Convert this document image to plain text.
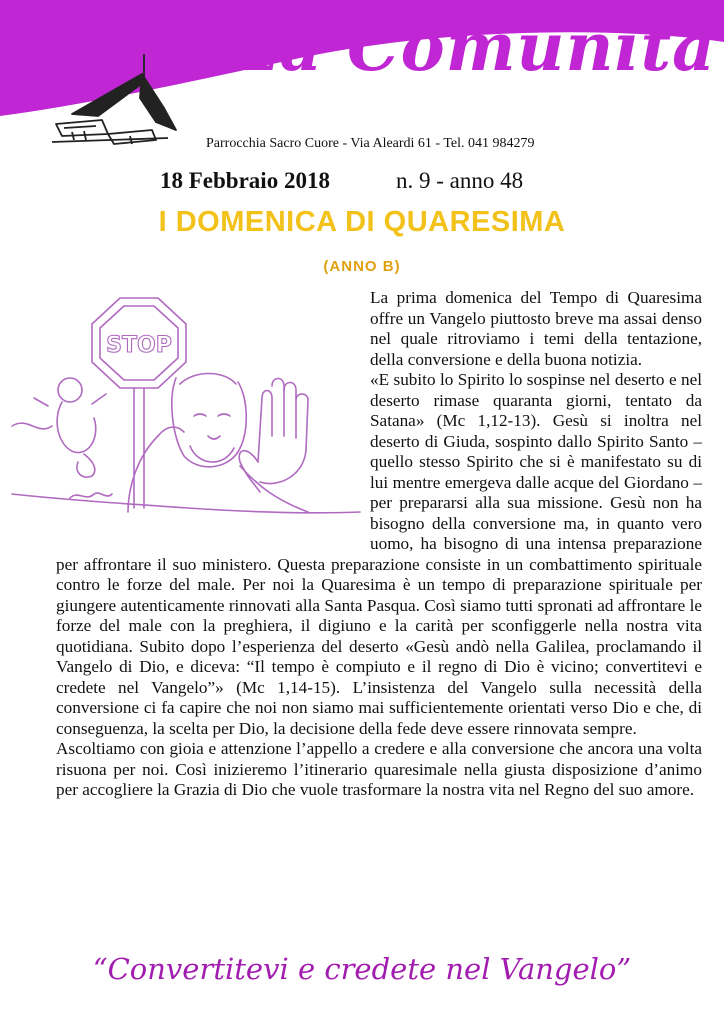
La Comunità
Parrocchia Sacro Cuore - Via Aleardi 61 - Tel. 041 984279
18 Febbraio 2018	n. 9 - anno 48
I DOMENICA DI QUARESIMA
(ANNO B)
STOP

La prima domenica del Tempo di Quaresima offre un Vangelo piuttosto breve ma assai denso nel quale ritroviamo i temi della tentazione, della conversione e della buona notizia.

«E subito lo Spirito lo sospinse nel deserto e nel deserto rimase quaranta giorni, tentato da Satana» (Mc 1,12-13). Gesù si inoltra nel deserto di Giuda, sospinto dallo Spirito Santo – quello stesso Spirito che si è manifestato su di lui mentre emergeva dalle acque del Giordano – per prepararsi alla sua missione. Gesù non ha bisogno della conversione ma, in quanto vero uomo, ha bisogno di una intensa preparazione per affrontare il suo ministero. Questa preparazione consiste in un combattimento spirituale contro le forze del male. Per noi la Quaresima è un tempo di preparazione spirituale per giungere autenticamente rinnovati alla Santa Pasqua. Così siamo tutti spronati ad affrontare le forze del male con la preghiera, il digiuno e la carità per sconfiggerle nella nostra vita quotidiana. Subito dopo l’esperienza del deserto «Gesù andò nella Galilea, proclamando il Vangelo di Dio, e diceva: “Il tempo è compiuto e il regno di Dio è vicino; convertitevi e credete nel Vangelo”» (Mc 1,14-15). L’insistenza del Vangelo sulla necessità della conversione ci fa capire che noi non siamo mai sufficientemente orientati verso Dio e che, di conseguenza, la scelta per Dio, la decisione della fede deve essere rinnovata sempre.

Ascoltiamo con gioia e attenzione l’appello a credere e alla conversione che ancora una volta risuona per noi. Così inizieremo l’itinerario quaresimale nella giusta disposizione d’animo per accogliere la Grazia di Dio che vuole trasformare la nostra vita nel Regno del suo amore.

“Convertitevi e credete nel Vangelo”
